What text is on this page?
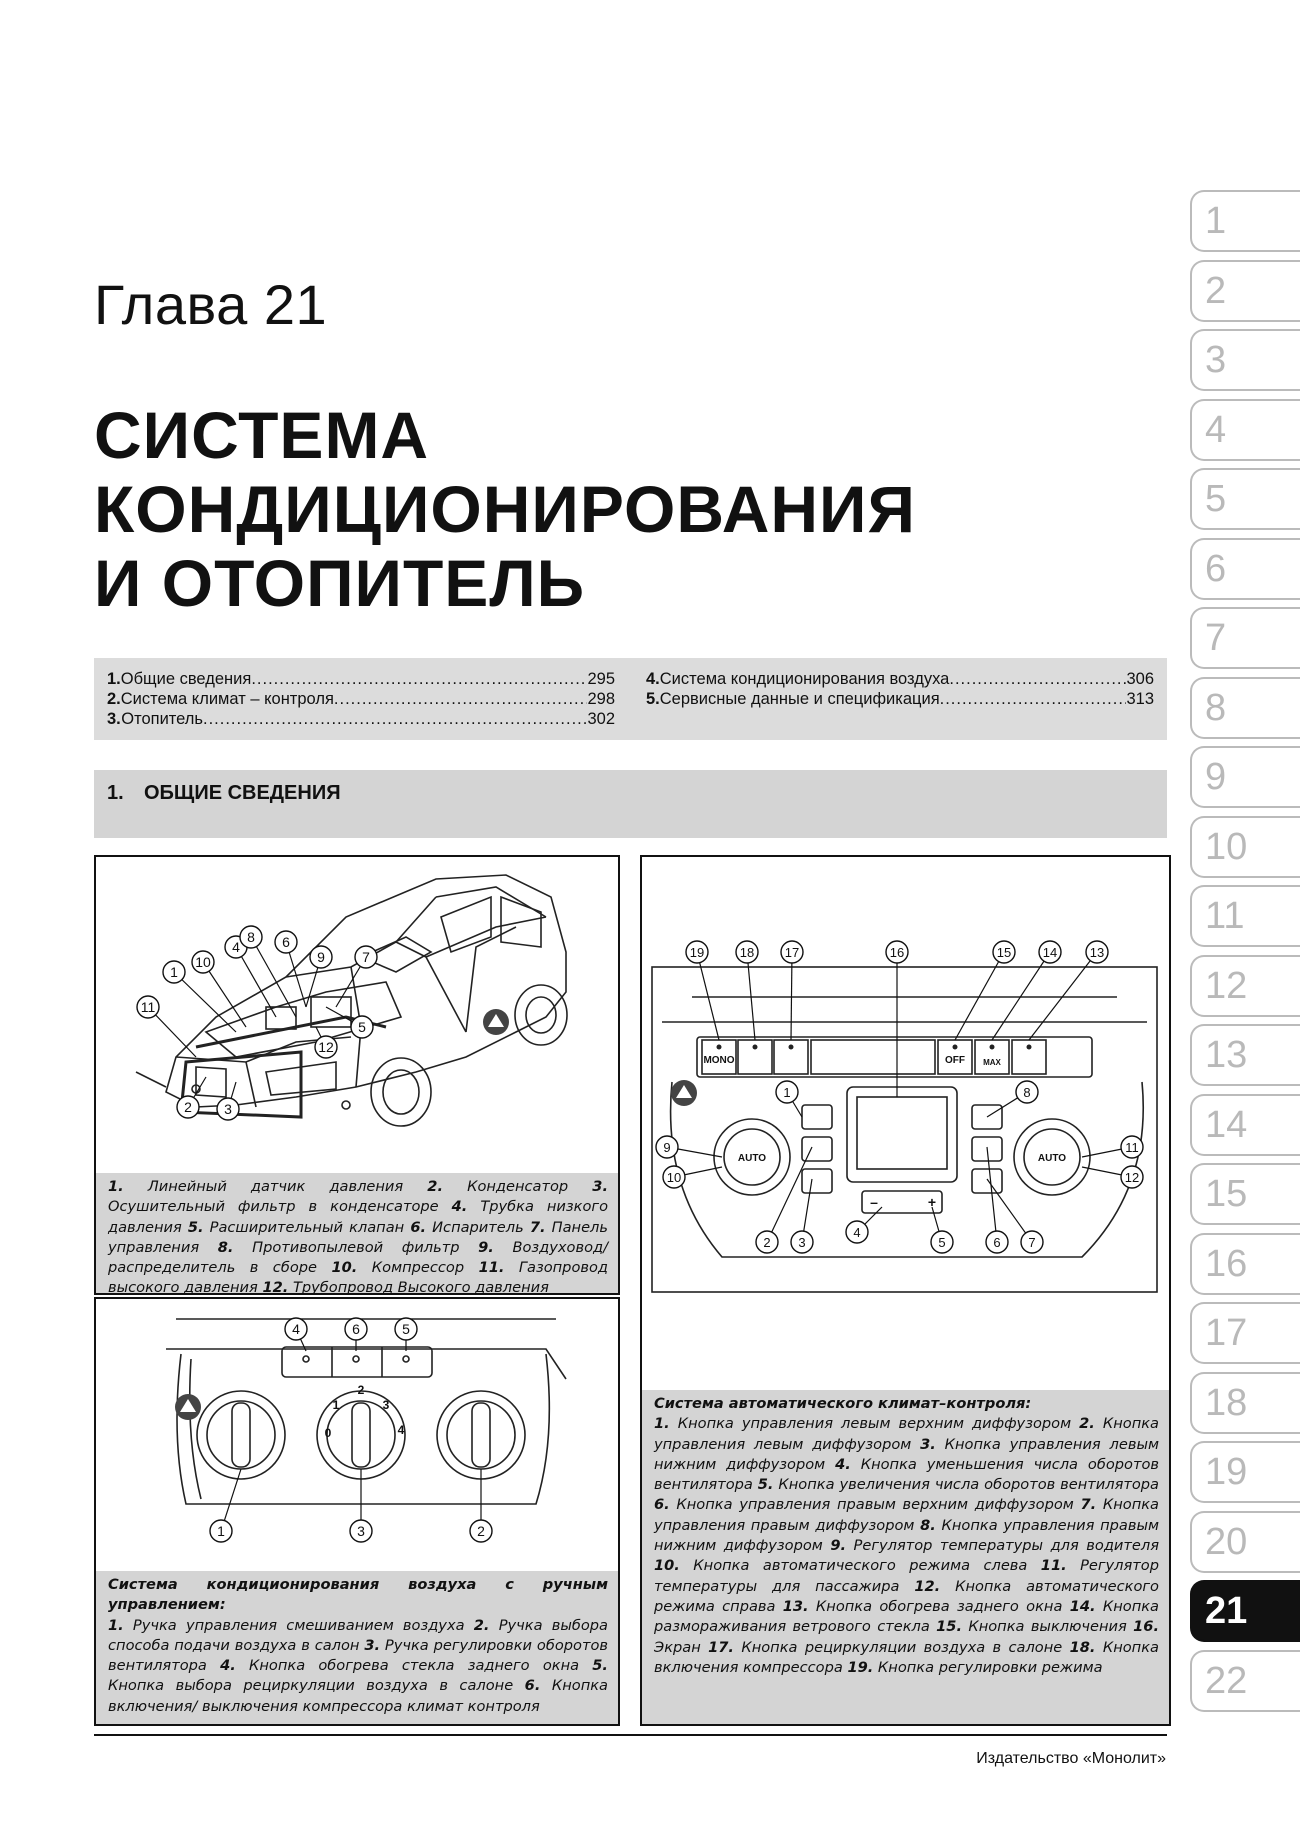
Глава 21
СИСТЕМА
КОНДИЦИОНИРОВАНИЯ
И ОТОПИТЕЛЬ
1. Общие сведения .....	295
2. Система климат – контроля .....	298
3. Отопитель .....	302
4. Система кондиционирования воздуха .....	306
5. Сервисные данные и спецификация .....	313
1. ОБЩИЕ СВЕДЕНИЯ
1
2 3
4
5
6
7
8
9
10
11
12
1. Линейный датчик давления 2. Конденсатор 3. Осушительный фильтр в конденсаторе 4. Трубка низкого давления 5. Расширительный клапан 6. Испаритель 7. Панель управления 8. Противопылевой фильтр 9. Воздуховод/распределитель в сборе 10. Компрессор 11. Газопровод высокого давления 12. Трубопровод Высокого давления
1
2
3
4
0
4	6	5
1	3	2
Система кондиционирования воздуха с ручным управлением:
1. Ручка управления смешиванием воздуха 2. Ручка выбора способа подачи воздуха в салон 3. Ручка регулировки оборотов вентилятора 4. Кнопка обогрева стекла заднего окна 5. Кнопка выбора рециркуляции воздуха в салоне 6. Кнопка включения/ выключения компрессора климат контроля
MONO	OFF MAX
AUTO	AUTO
–	+
19	18 17	16	15 14	13
1	8
9
10
11
12
2 3
4
5	6 7
Система автоматического климат–контроля:
1. Кнопка управления левым верхним диффузором 2. Кнопка управления левым диффузором 3. Кнопка управления левым нижним диффузором 4. Кнопка уменьшения числа оборотов вентилятора 5. Кнопка увеличения числа оборотов вентилятора 6. Кнопка управления правым верхним диффузором 7. Кнопка управления правым диффузором 8. Кнопка управления правым нижним диффузором 9. Регулятор температуры для водителя 10. Кнопка автоматического режима слева 11. Регулятор температуры для пассажира 12. Кнопка автоматического режима справа 13. Кнопка обогрева заднего окна 14. Кнопка размораживания ветрового стекла 15. Кнопка выключения 16. Экран 17. Кнопка рециркуляции воздуха в салоне 18. Кнопка включения компрессора 19. Кнопка регулировки режима
Издательство «Монолит»
1
2
3
4
5
6
7
8
9
10
11
12
13
14
15
16
17
18
19
20
21
22
